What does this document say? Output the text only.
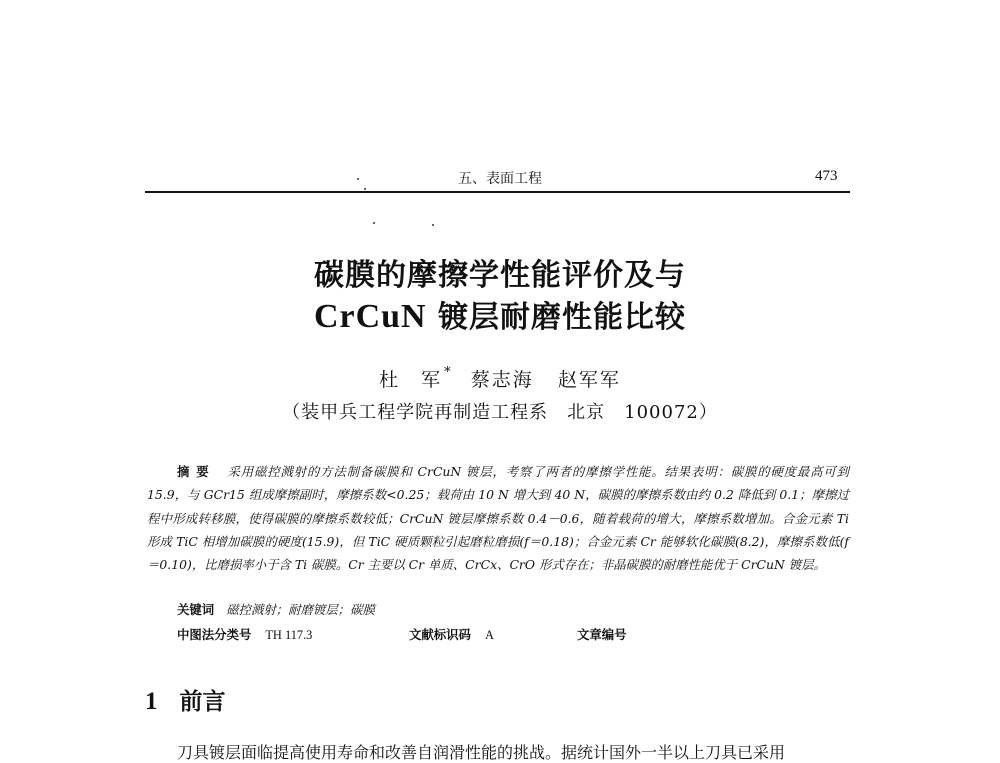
五、表面工程	473
碳膜的摩擦学性能评价及与
CrCuN 镀层耐磨性能比较
杜　军 * 蔡志海 赵军军
（装甲兵工程学院再制造工程系　北京　100072）
摘要 采用磁控溅射的方法制备碳膜和 CrCuN 镀层，考察了两者的摩擦学性能。结果表明：碳膜的硬度最高可到 15.9，与 GCr15 组成摩擦副时，摩擦系数<0.25；载荷由 10 N 增大到 40 N，碳膜的摩擦系数由约 0.2 降低到 0.1；摩擦过程中形成转移膜，使得碳膜的摩擦系数较低；CrCuN 镀层摩擦系数 0.4－0.6，随着载荷的增大，摩擦系数增加。合金元素 Ti 形成 TiC 相增加碳膜的硬度(15.9)，但 TiC 硬质颗粒引起磨粒磨损(f＝0.18)；合金元素 Cr 能够软化碳膜(8.2)，摩擦系数低(f＝0.10)，比磨损率小于含 Ti 碳膜。Cr 主要以 Cr 单质、CrCx、CrO 形式存在；非晶碳膜的耐磨性能优于 CrCuN 镀层。
关键词 磁控溅射；耐磨镀层；碳膜
中图法分类号 TH 117.3	文献标识码 A	文章编号
1 前言
刀具镀层面临提高使用寿命和改善自润滑性能的挑战。据统计国外一半以上刀具已采用
